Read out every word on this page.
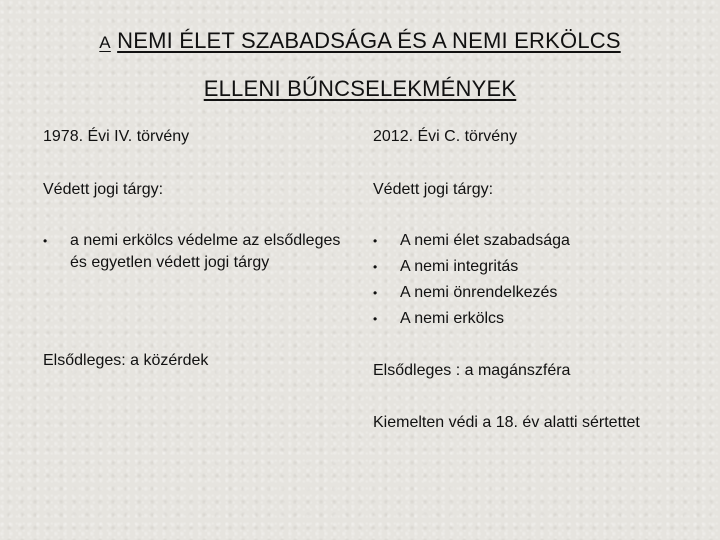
A NEMI ÉLET SZABADSÁGA ÉS A NEMI ERKÖLCS
ELLENI BŰNCSELEKMÉNYEK
1978. Évi IV. törvény	2012. Évi C. törvény
Védett jogi tárgy:	Védett jogi tárgy:
• a nemi erkölcs védelme az elsődleges és egyetlen védett jogi tárgy
• A nemi élet szabadsága
• A nemi integritás
• A nemi önrendelkezés
• A nemi erkölcs
Elsődleges: a közérdek
Elsődleges : a magánszféra
Kiemelten védi a 18. év alatti sértettet
